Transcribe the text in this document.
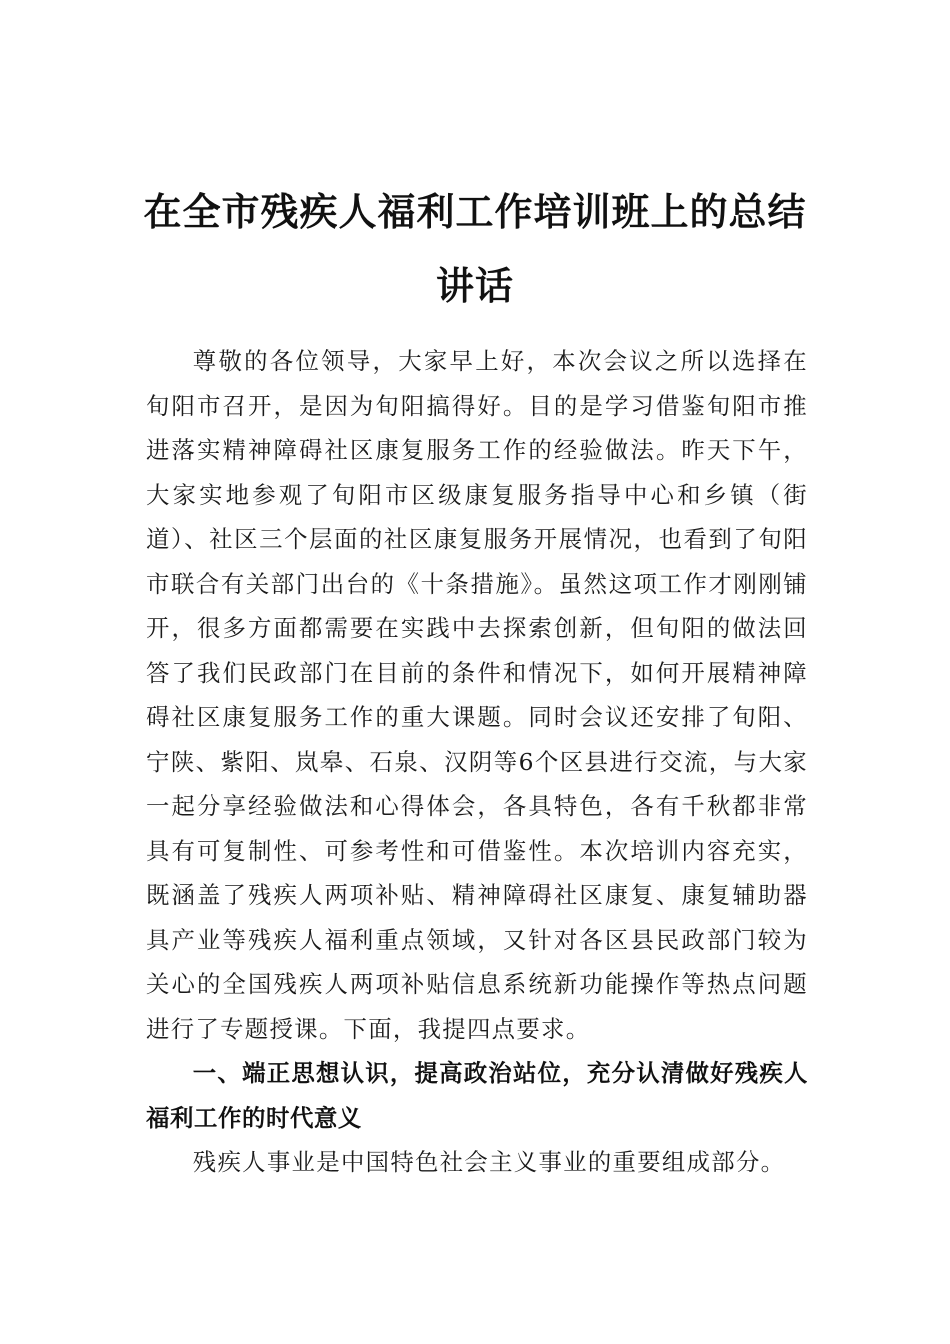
在全市残疾人福利工作培训班上的总结讲话

尊敬的各位领导，大家早上好，本次会议之所以选择在旬阳市召开，是因为旬阳搞得好。目的是学习借鉴旬阳市推进落实精神障碍社区康复服务工作的经验做法。昨天下午，大家实地参观了旬阳市区级康复服务指导中心和乡镇（街道）、社区三个层面的社区康复服务开展情况，也看到了旬阳市联合有关部门出台的《十条措施》。虽然这项工作才刚刚铺开，很多方面都需要在实践中去探索创新，但旬阳的做法回答了我们民政部门在目前的条件和情况下，如何开展精神障碍社区康复服务工作的重大课题。同时会议还安排了旬阳、宁陕、紫阳、岚皋、石泉、汉阴等6个区县进行交流，与大家一起分享经验做法和心得体会，各具特色，各有千秋都非常具有可复制性、可参考性和可借鉴性。本次培训内容充实，既涵盖了残疾人两项补贴、精神障碍社区康复、康复辅助器具产业等残疾人福利重点领域，又针对各区县民政部门较为关心的全国残疾人两项补贴信息系统新功能操作等热点问题进行了专题授课。下面，我提四点要求。

一、端正思想认识，提高政治站位，充分认清做好残疾人福利工作的时代意义

残疾人事业是中国特色社会主义事业的重要组成部分。
